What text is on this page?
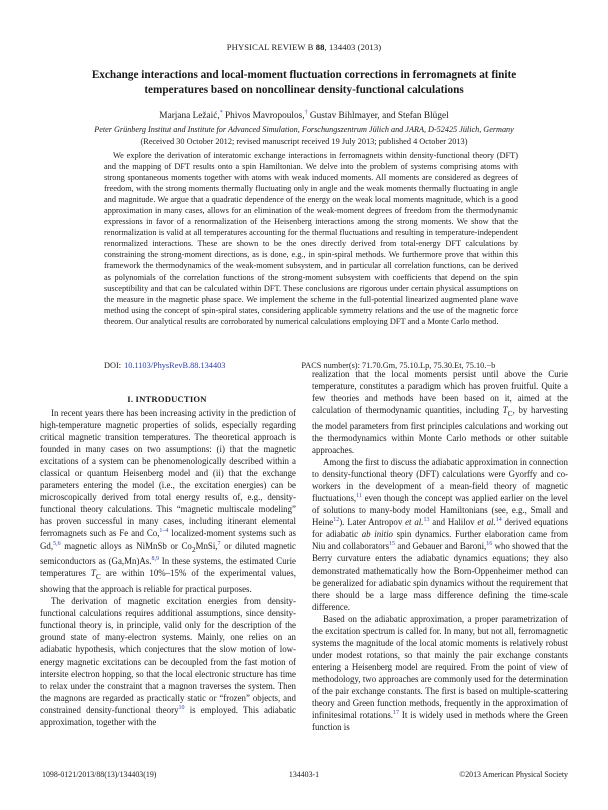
PHYSICAL REVIEW B 88, 134403 (2013)
Exchange interactions and local-moment fluctuation corrections in ferromagnets at finite temperatures based on noncollinear density-functional calculations
Marjana Ležaić,* Phivos Mavropoulos,† Gustav Bihlmayer, and Stefan Blügel
Peter Grünberg Institut and Institute for Advanced Simulation, Forschungszentrum Jülich and JARA, D-52425 Jülich, Germany
(Received 30 October 2012; revised manuscript received 19 July 2013; published 4 October 2013)

We explore the derivation of interatomic exchange interactions in ferromagnets within density-functional theory (DFT) and the mapping of DFT results onto a spin Hamiltonian. We delve into the problem of systems comprising atoms with strong spontaneous moments together with atoms with weak induced moments. All moments are considered as degrees of freedom, with the strong moments thermally fluctuating only in angle and the weak moments thermally fluctuating in angle and magnitude. We argue that a quadratic dependence of the energy on the weak local moments magnitude, which is a good approximation in many cases, allows for an elimination of the weak-moment degrees of freedom from the thermodynamic expressions in favor of a renormalization of the Heisenberg interactions among the strong moments. We show that the renormalization is valid at all temperatures accounting for the thermal fluctuations and resulting in temperature-independent renormalized interactions. These are shown to be the ones directly derived from total-energy DFT calculations by constraining the strong-moment directions, as is done, e.g., in spin-spiral methods. We furthermore prove that within this framework the thermodynamics of the weak-moment subsystem, and in particular all correlation functions, can be derived as polynomials of the correlation functions of the strong-moment subsystem with coefficients that depend on the spin susceptibility and that can be calculated within DFT. These conclusions are rigorous under certain physical assumptions on the measure in the magnetic phase space. We implement the scheme in the full-potential linearized augmented plane wave method using the concept of spin-spiral states, considering applicable symmetry relations and the use of the magnetic force theorem. Our analytical results are corroborated by numerical calculations employing DFT and a Monte Carlo method.

DOI: 10.1103/PhysRevB.88.134403	PACS number(s): 71.70.Gm, 75.10.Lp, 75.30.Et, 75.10.−b
I. INTRODUCTION

In recent years there has been increasing activity in the prediction of high-temperature magnetic properties of solids, especially regarding critical magnetic transition temperatures. The theoretical approach is founded in many cases on two assumptions: (i) that the magnetic excitations of a system can be phenomenologically described within a classical or quantum Heisenberg model and (ii) that the exchange parameters entering the model (i.e., the excitation energies) can be microscopically derived from total energy results of, e.g., density-functional theory calculations. This “magnetic multiscale modeling” has proven successful in many cases, including itinerant elemental ferromagnets such as Fe and Co,$^{1-4}$ localized-moment systems such as Gd,$^{5,6}$ magnetic alloys as NiMnSb or $Co_2MnSi,^7$ or diluted magnetic semiconductors as (Ga,Mn)As.$^{8,9}$ In these systems, the estimated Curie temperatures $T_C$ are within 10%–15% of the experimental values, showing that the approach is reliable for practical purposes.

The derivation of magnetic excitation energies from density-functional calculations requires additional assumptions, since density-functional theory is, in principle, valid only for the description of the ground state of many-electron systems. Mainly, one relies on an adiabatic hypothesis, which conjectures that the slow motion of low-energy magnetic excitations can be decoupled from the fast motion of intersite electron hopping, so that the local electronic structure has time to relax under the constraint that a magnon traverses the system. Then the magnons are regarded as practically static or “frozen” objects, and constrained density-functional theory$^{10}$ is employed. This adiabatic approximation, together with the

realization that the local moments persist until above the Curie temperature, constitutes a paradigm which has proven fruitful. Quite a few theories and methods have been based on it, aimed at the calculation of thermodynamic quantities, including $T_C$, by harvesting the model parameters from first principles calculations and working out the thermodynamics within Monte Carlo methods or other suitable approaches.

Among the first to discuss the adiabatic approximation in connection to density-functional theory (DFT) calculations were Gyorffy and co-workers in the development of a mean-field theory of magnetic fluctuations,$^{11}$ even though the concept was applied earlier on the level of solutions to many-body model Hamiltonians (see, e.g., Small and Heine$^{12}$). Later Antropov et al.$^{13}$ and Halilov et al.$^{14}$ derived equations for adiabatic ab initio spin dynamics. Further elaboration came from Niu and collaborators$^{15}$ and Gebauer and Baroni,$^{16}$ who showed that the Berry curvature enters the adiabatic dynamics equations; they also demonstrated mathematically how the Born-Oppenheimer method can be generalized for adiabatic spin dynamics without the requirement that there should be a large mass difference defining the time-scale difference.

Based on the adiabatic approximation, a proper parametrization of the excitation spectrum is called for. In many, but not all, ferromagnetic systems the magnitude of the local atomic moments is relatively robust under modest rotations, so that mainly the pair exchange constants entering a Heisenberg model are required. From the point of view of methodology, two approaches are commonly used for the determination of the pair exchange constants. The first is based on multiple-scattering theory and Green function methods, frequently in the approximation of infinitesimal rotations.$^{17}$ It is widely used in methods where the Green function is

1098-0121/2013/88(13)/134403(19)	134403-1	©2013 American Physical Society
